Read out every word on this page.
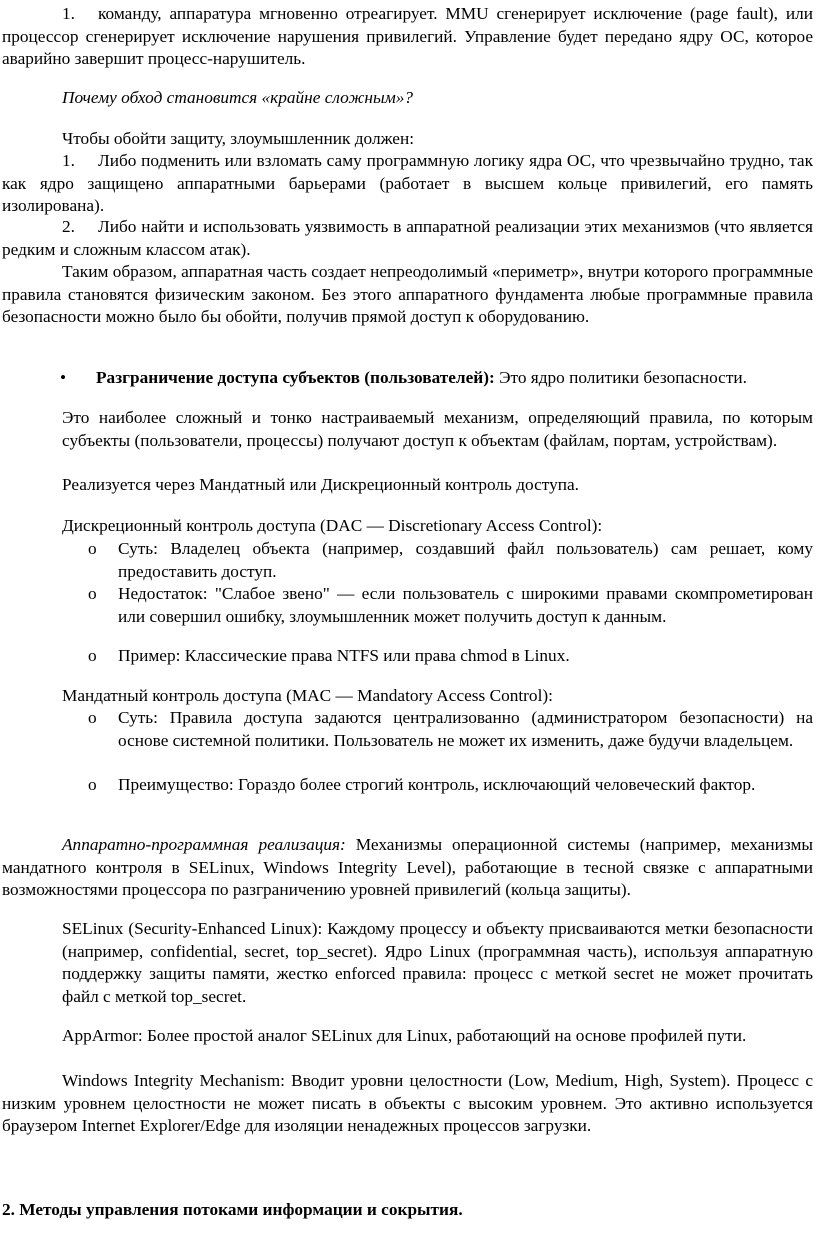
1. команду, аппаратура мгновенно отреагирует. MMU сгенерирует исключение (page fault), или процессор сгенерирует исключение нарушения привилегий. Управление будет передано ядру ОС, которое аварийно завершит процесс-нарушитель.

Почему обход становится «крайне сложным»?

Чтобы обойти защиту, злоумышленник должен:

1. Либо подменить или взломать саму программную логику ядра ОС, что чрезвычайно трудно, так как ядро защищено аппаратными барьерами (работает в высшем кольце привилегий, его память изолирована).

2. Либо найти и использовать уязвимость в аппаратной реализации этих механизмов (что является редким и сложным классом атак).

Таким образом, аппаратная часть создает непреодолимый «периметр», внутри которого программные правила становятся физическим законом. Без этого аппаратного фундамента любые программные правила безопасности можно было бы обойти, получив прямой доступ к оборудованию.

• Разграничение доступа субъектов (пользователей): Это ядро политики безопасности.

Это наиболее сложный и тонко настраиваемый механизм, определяющий правила, по которым субъекты (пользователи, процессы) получают доступ к объектам (файлам, портам, устройствам).

Реализуется через Мандатный или Дискреционный контроль доступа.

Дискреционный контроль доступа (DAC — Discretionary Access Control):

o Суть: Владелец объекта (например, создавший файл пользователь) сам решает, кому предоставить доступ.

o Недостаток: "Слабое звено" — если пользователь с широкими правами скомпрометирован или совершил ошибку, злоумышленник может получить доступ к данным.

o Пример: Классические права NTFS или права chmod в Linux.

Мандатный контроль доступа (MAC — Mandatory Access Control):

o Суть: Правила доступа задаются централизованно (администратором безопасности) на основе системной политики. Пользователь не может их изменить, даже будучи владельцем.

o Преимущество: Гораздо более строгий контроль, исключающий человеческий фактор.

Аппаратно-программная реализация: Механизмы операционной системы (например, механизмы мандатного контроля в SELinux, Windows Integrity Level), работающие в тесной связке с аппаратными возможностями процессора по разграничению уровней привилегий (кольца защиты).

SELinux (Security-Enhanced Linux): Каждому процессу и объекту присваиваются метки безопасности (например, confidential, secret, top_secret). Ядро Linux (программная часть), используя аппаратную поддержку защиты памяти, жестко enforced правила: процесс с меткой secret не может прочитать файл с меткой top_secret.

AppArmor: Более простой аналог SELinux для Linux, работающий на основе профилей пути.

Windows Integrity Mechanism: Вводит уровни целостности (Low, Medium, High, System). Процесс с низким уровнем целостности не может писать в объекты с высоким уровнем. Это активно используется браузером Internet Explorer/Edge для изоляции ненадежных процессов загрузки.

2. Методы управления потоками информации и сокрытия.
